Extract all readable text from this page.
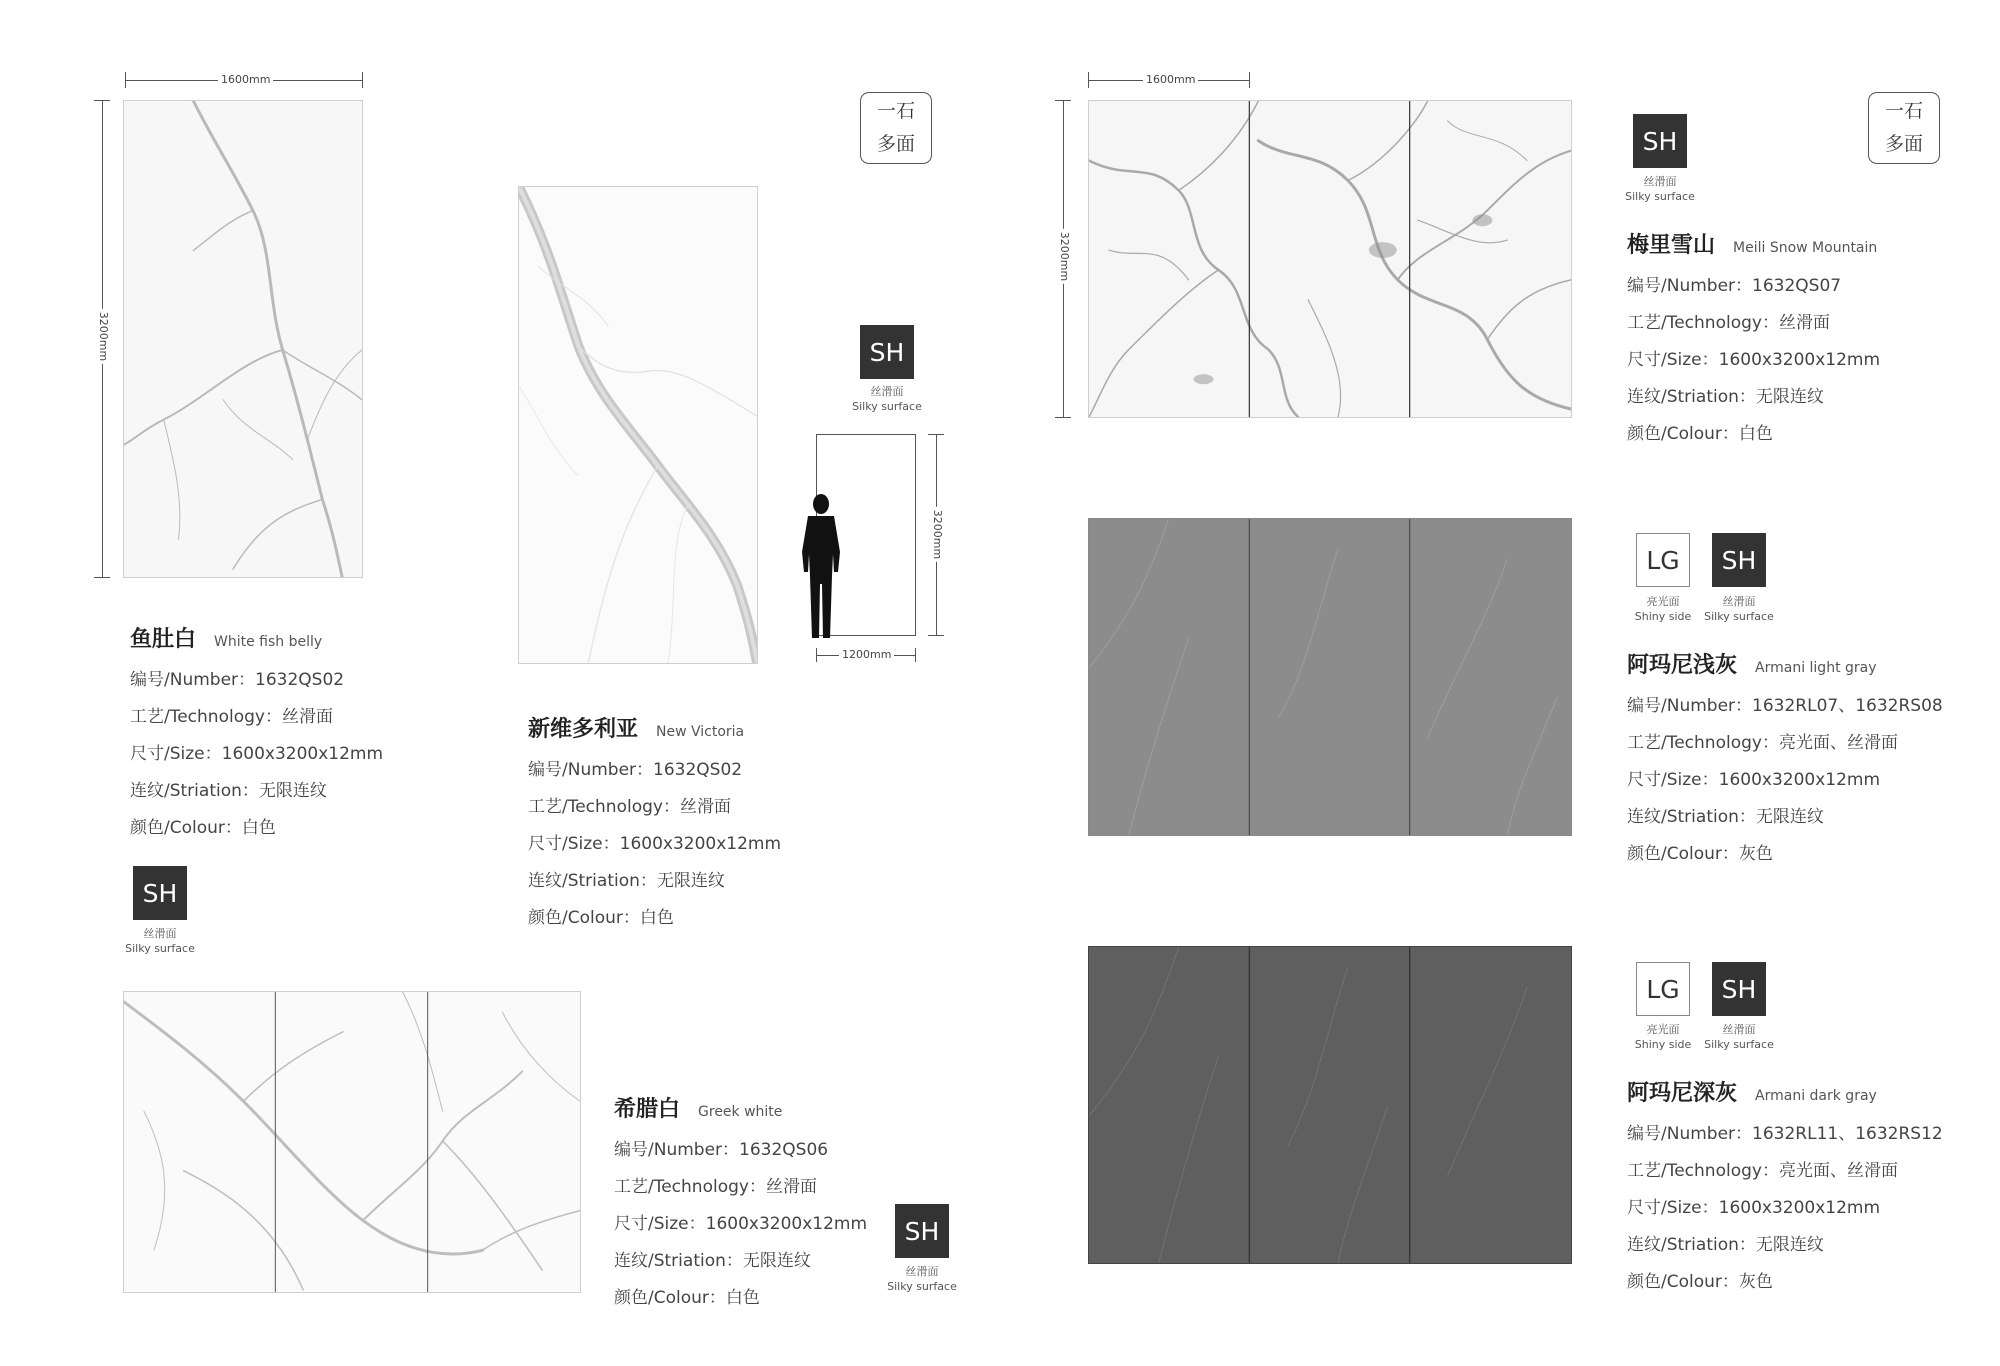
1600mm
3200mm
鱼肚白 White fish belly
编号/Number：1632QS02
工艺/Technology：丝滑面
尺寸/Size：1600x3200x12mm
连纹/Striation：无限连纹
颜色/Colour：白色
SH
丝滑面
Silky surface
新维多利亚 New Victoria
编号/Number：1632QS02
工艺/Technology：丝滑面
尺寸/Size：1600x3200x12mm
连纹/Striation：无限连纹
颜色/Colour：白色
一石
多面
SH
丝滑面
Silky surface
3200mm
1200mm
希腊白 Greek white
编号/Number：1632QS06
工艺/Technology：丝滑面
尺寸/Size：1600x3200x12mm
连纹/Striation：无限连纹
颜色/Colour：白色
SH
丝滑面
Silky surface
1600mm
3200mm
SH
丝滑面
Silky surface
一石
多面
梅里雪山 Meili Snow Mountain
编号/Number：1632QS07
工艺/Technology：丝滑面
尺寸/Size：1600x3200x12mm
连纹/Striation：无限连纹
颜色/Colour：白色
LG
亮光面
Shiny side
SH
丝滑面
Silky surface
阿玛尼浅灰 Armani light gray
编号/Number：1632RL07、1632RS08
工艺/Technology：亮光面、丝滑面
尺寸/Size：1600x3200x12mm
连纹/Striation：无限连纹
颜色/Colour：灰色
LG
亮光面
Shiny side
SH
丝滑面
Silky surface
阿玛尼深灰 Armani dark gray
编号/Number：1632RL11、1632RS12
工艺/Technology：亮光面、丝滑面
尺寸/Size：1600x3200x12mm
连纹/Striation：无限连纹
颜色/Colour：灰色
